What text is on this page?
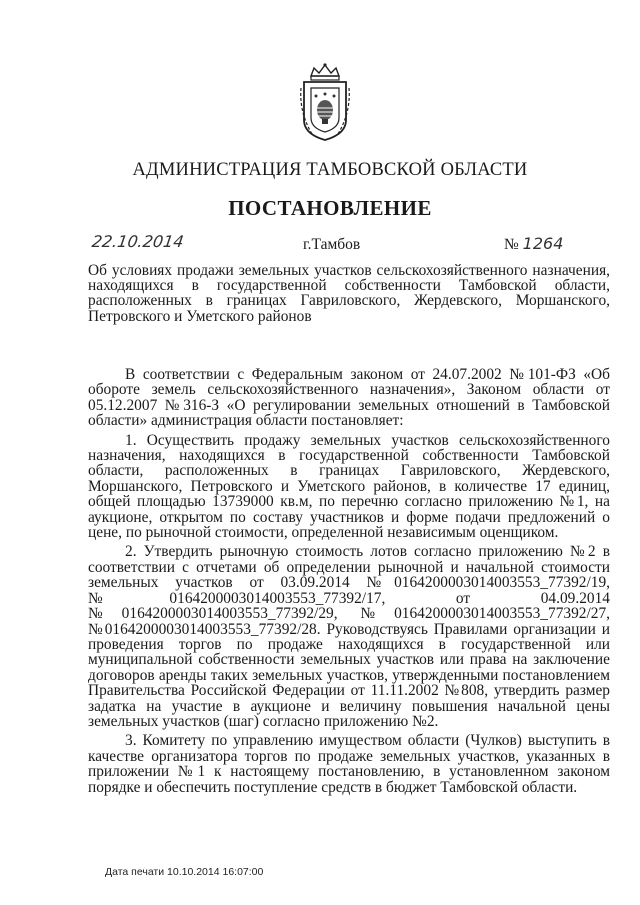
АДМИНИСТРАЦИЯ ТАМБОВСКОЙ ОБЛАСТИ
ПОСТАНОВЛЕНИЕ
22.10.2014	г.Тамбов	№ 1264
Об условиях продажи земельных участков сельскохозяйственного назначения, находящихся в государственной собственности Тамбовской области, расположенных в границах Гавриловского, Жердевского, Моршанского, Петровского и Уметского районов

В соответствии с Федеральным законом от 24.07.2002 №101-ФЗ «Об обороте земель сельскохозяйственного назначения», Законом области от 05.12.2007 №316-З «О регулировании земельных отношений в Тамбовской области» администрация области постановляет:

1. Осуществить продажу земельных участков сельскохозяйственного назначения, находящихся в государственной собственности Тамбовской области, расположенных в границах Гавриловского, Жердевского, Моршанского, Петровского и Уметского районов, в количестве 17 единиц, общей площадью 13739000 кв.м, по перечню согласно приложению №1, на аукционе, открытом по составу участников и форме подачи предложений о цене, по рыночной стоимости, определенной независимым оценщиком.

2. Утвердить рыночную стоимость лотов согласно приложению №2 в соответствии с отчетами об определении рыночной и начальной стоимости земельных участков от 03.09.2014 №0164200003014003553_77392/19, №0164200003014003553_77392/17, от 04.09.2014 №0164200003014003553_77392/29, №0164200003014003553_77392/27, №0164200003014003553_77392/28. Руководствуясь Правилами организации и проведения торгов по продаже находящихся в государственной или муниципальной собственности земельных участков или права на заключение договоров аренды таких земельных участков, утвержденными постановлением Правительства Российской Федерации от 11.11.2002 №808, утвердить размер задатка на участие в аукционе и величину повышения начальной цены земельных участков (шаг) согласно приложению №2.

3. Комитету по управлению имуществом области (Чулков) выступить в качестве организатора торгов по продаже земельных участков, указанных в приложении №1 к настоящему постановлению, в установленном законом порядке и обеспечить поступление средств в бюджет Тамбовской области.

Дата печати 10.10.2014 16:07:00
